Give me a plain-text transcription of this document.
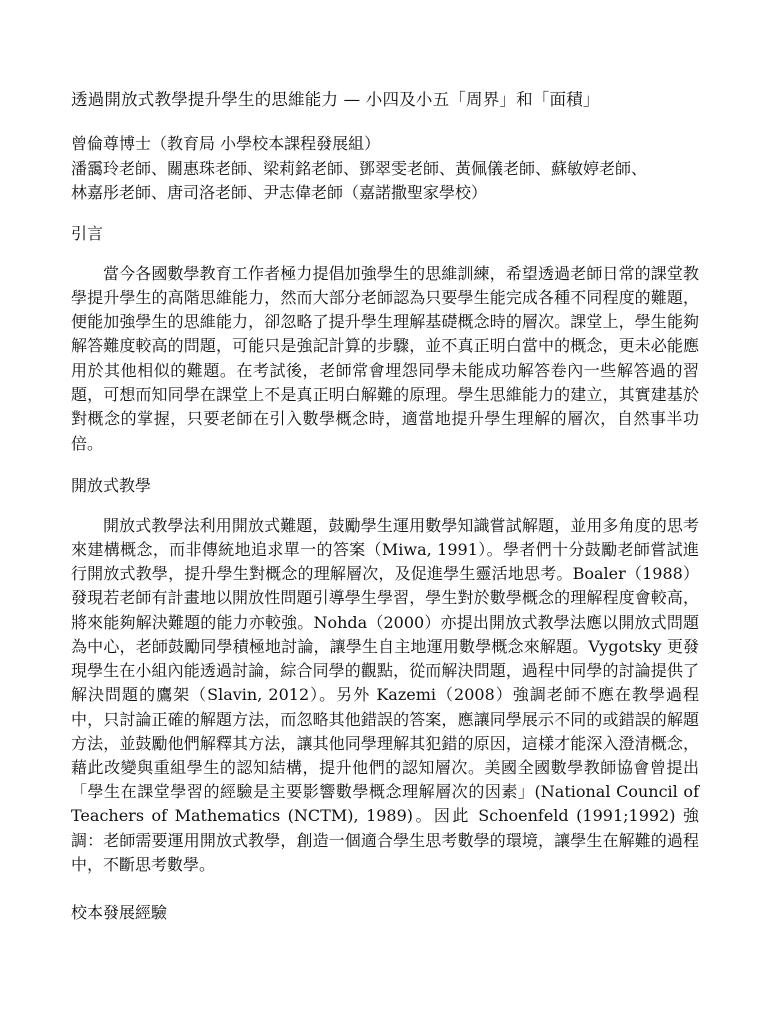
透過開放式教學提升學生的思維能力 — 小四及小五「周界」和「面積」
曾倫尊博士（教育局 小學校本課程發展組）
潘靄玲老師、關惠珠老師、梁莉銘老師、鄧翠雯老師、黃佩儀老師、蘇敏婷老師、
林嘉彤老師、唐司洛老師、尹志偉老師（嘉諾撒聖家學校）
引言

當今各國數學教育工作者極力提倡加強學生的思維訓練，希望透過老師日常的課堂教學提升學生的高階思維能力，然而大部分老師認為只要學生能完成各種不同程度的難題，便能加強學生的思維能力，卻忽略了提升學生理解基礎概念時的層次。課堂上，學生能夠解答難度較高的問題，可能只是強記計算的步驟，並不真正明白當中的概念，更未必能應用於其他相似的難題。在考試後，老師常會埋怨同學未能成功解答卷內一些解答過的習題，可想而知同學在課堂上不是真正明白解難的原理。學生思維能力的建立，其實建基於對概念的掌握，只要老師在引入數學概念時，適當地提升學生理解的層次，自然事半功倍。

開放式教學

開放式教學法利用開放式難題，鼓勵學生運用數學知識嘗試解題，並用多角度的思考來建構概念，而非傳統地追求單一的答案（Miwa, 1991）。學者們十分鼓勵老師嘗試進行開放式教學，提升學生對概念的理解層次，及促進學生靈活地思考。Boaler（1988）發現若老師有計畫地以開放性問題引導學生學習，學生對於數學概念的理解程度會較高，將來能夠解決難題的能力亦較強。Nohda（2000）亦提出開放式教學法應以開放式問題為中心，老師鼓勵同學積極地討論，讓學生自主地運用數學概念來解題。Vygotsky 更發現學生在小組內能透過討論，綜合同學的觀點，從而解決問題，過程中同學的討論提供了解決問題的鷹架（Slavin, 2012）。另外 Kazemi（2008）強調老師不應在教學過程中，只討論正確的解題方法，而忽略其他錯誤的答案，應讓同學展示不同的或錯誤的解題方法，並鼓勵他們解釋其方法，讓其他同學理解其犯錯的原因，這樣才能深入澄清概念，藉此改變與重組學生的認知結構，提升他們的認知層次。美國全國數學教師協會曾提出「學生在課堂學習的經驗是主要影響數學概念理解層次的因素」(National Council of Teachers of Mathematics (NCTM), 1989)。因此 Schoenfeld (1991;1992) 強調：老師需要運用開放式教學，創造一個適合學生思考數學的環境，讓學生在解難的過程中，不斷思考數學。

校本發展經驗
